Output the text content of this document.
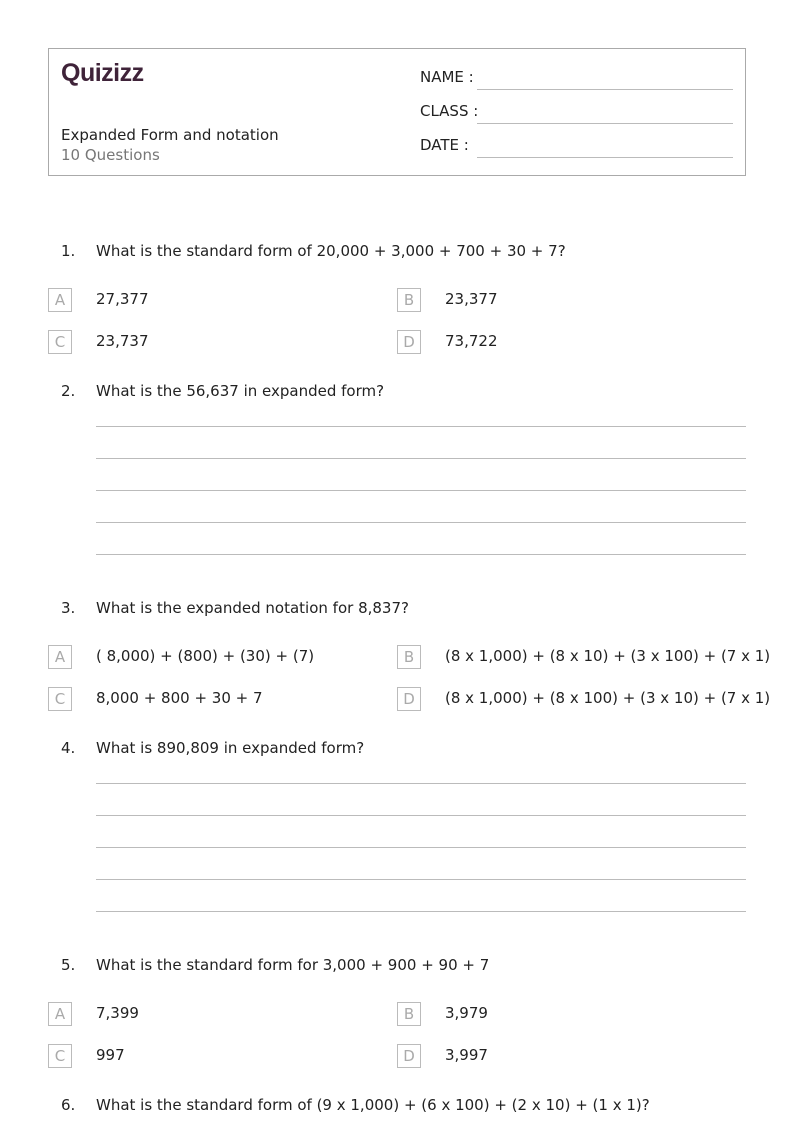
Quizizz
Expanded Form and notation
10 Questions
NAME :
CLASS :
DATE :
1. What is the standard form of 20,000 + 3,000 + 700 + 30 + 7?
A	27,377	B	23,377
C	23,737	D	73,722
2. What is the 56,637 in expanded form?
3. What is the expanded notation for 8,837?
A	( 8,000) + (800) + (30) + (7)	B	(8 x 1,000) + (8 x 10) + (3 x 100) + (7 x 1)
C	8,000 + 800 + 30 + 7	D	(8 x 1,000) + (8 x 100) + (3 x 10) + (7 x 1)
4. What is 890,809 in expanded form?
5. What is the standard form for 3,000 + 900 + 90 + 7
A	7,399	B	3,979
C	997	D	3,997
6. What is the standard form of (9 x 1,000) + (6 x 100) + (2 x 10) + (1 x 1)?
